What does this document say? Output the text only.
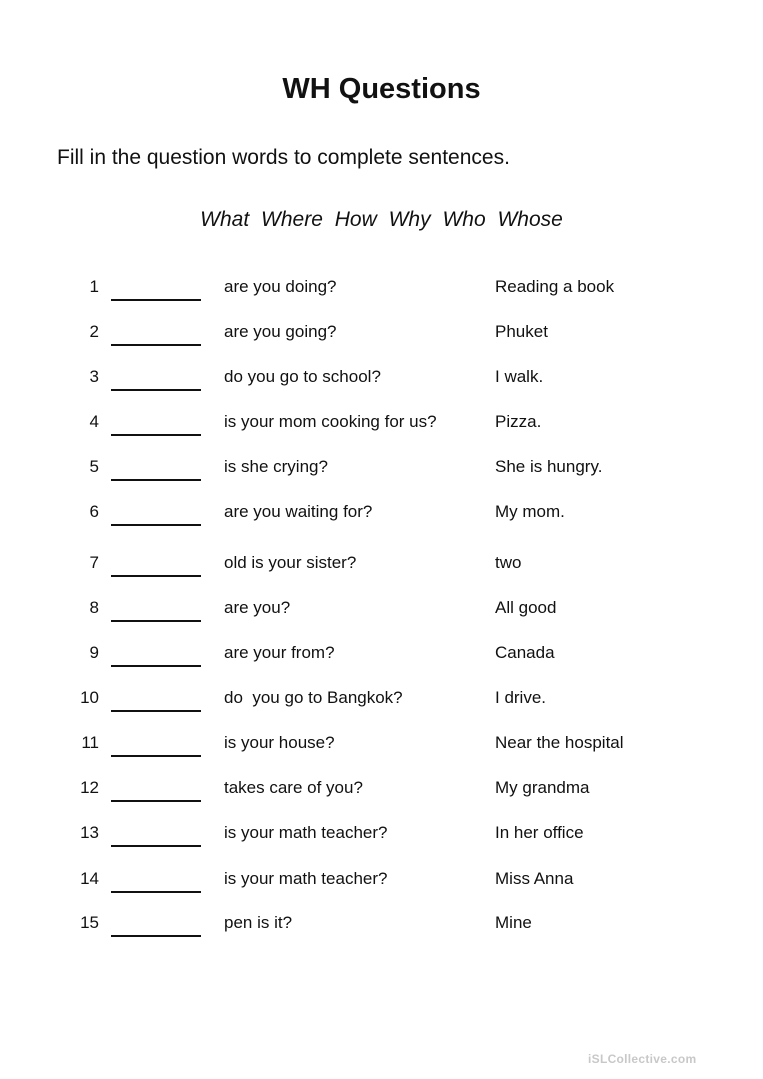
WH Questions
Fill in the question words to complete sentences.
What Where How Why Who Whose
1	are you doing?	Reading a book
2	are you going?	Phuket
3	do you go to school?	I walk.
4	is your mom cooking for us?	Pizza.
5	is she crying?	She is hungry.
6	are you waiting for?	My mom.
7	old is your sister?	two
8	are you?	All good
9	are your from?	Canada
10	do  you go to Bangkok?	I drive.
11	is your house?	Near the hospital
12	takes care of you?	My grandma
13	is your math teacher?	In her office
14	is your math teacher?	Miss Anna
15	pen is it?	Mine
iSLCollective.com
